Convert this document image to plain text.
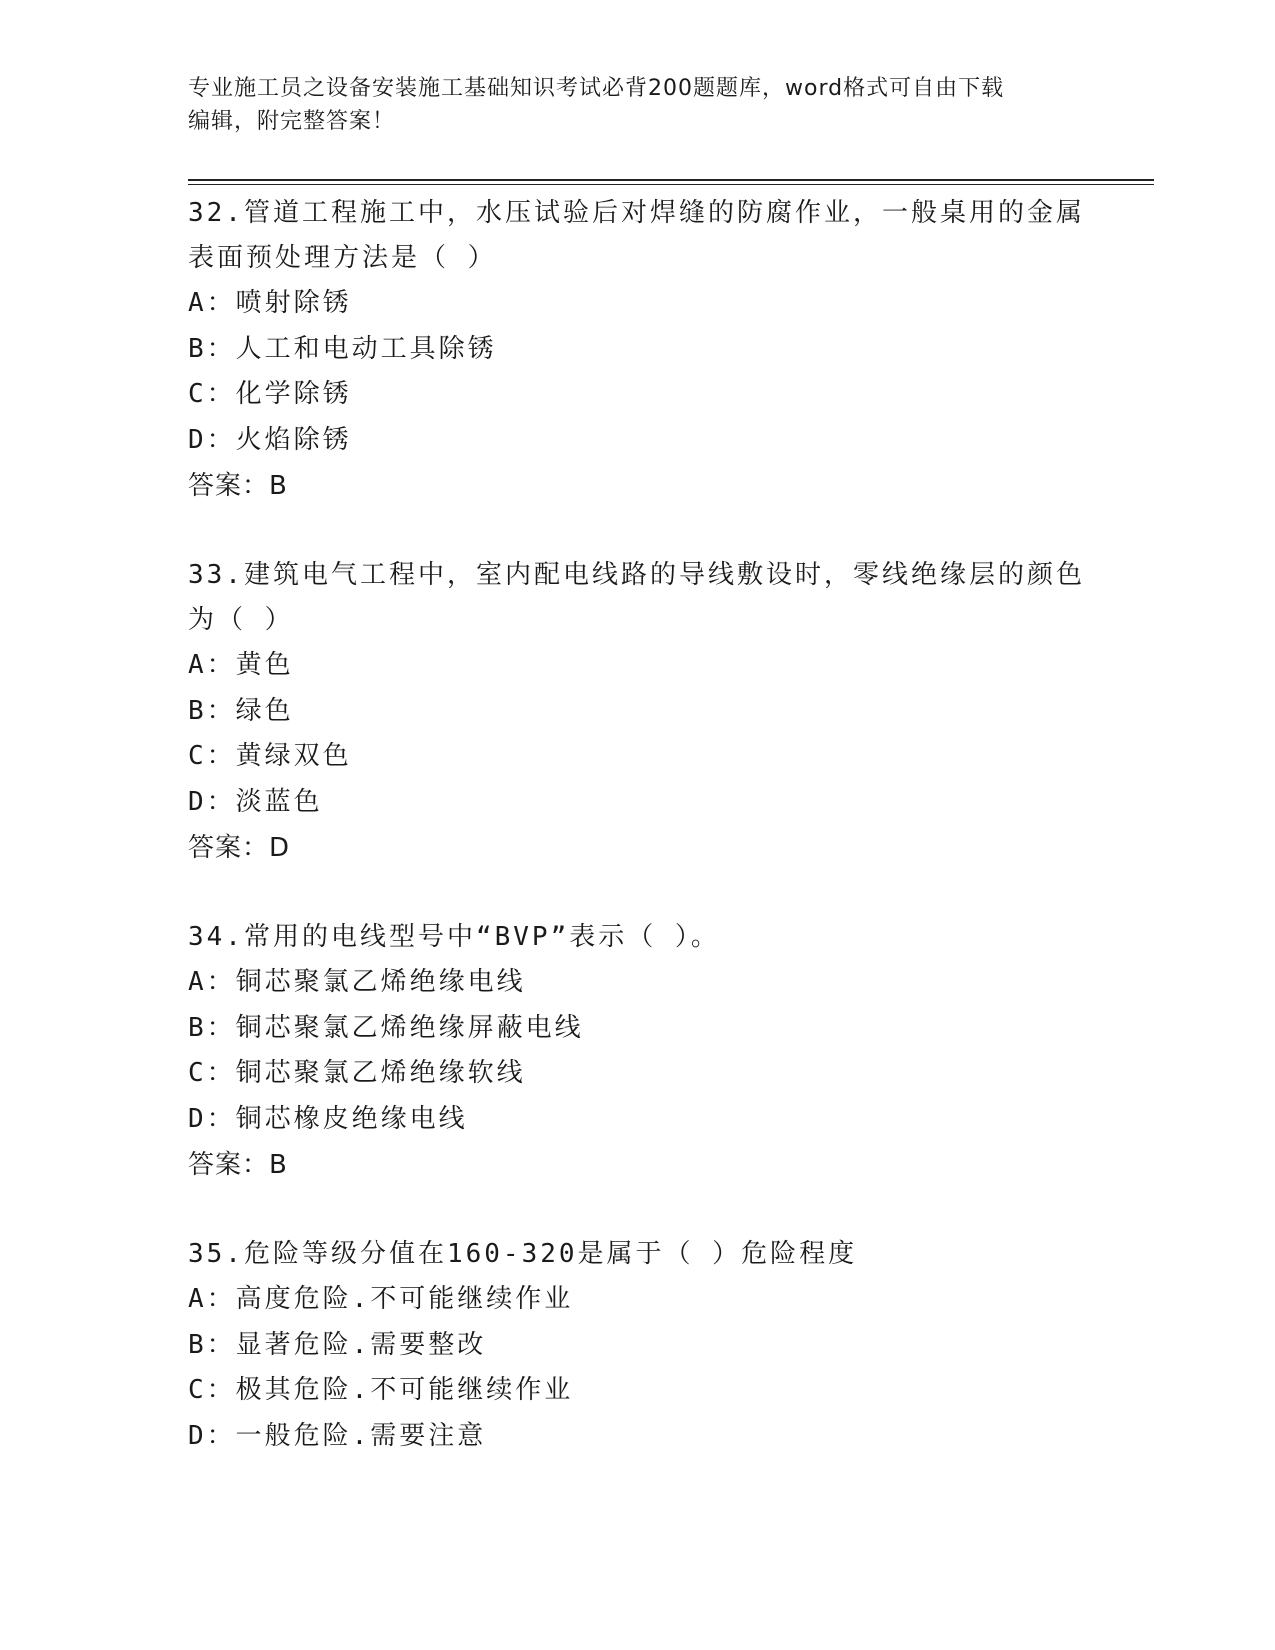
专业施工员之设备安装施工基础知识考试必背200题题库，word格式可自由下载
编辑，附完整答案！
32.管道工程施工中，水压试验后对焊缝的防腐作业，一般桌用的金属
表面预处理方法是（ ）
A：喷射除锈
B：人工和电动工具除锈
C：化学除锈
D：火焰除锈
答案：B
33.建筑电气工程中，室内配电线路的导线敷设时，零线绝缘层的颜色
为（ ）
A：黄色
B：绿色
C：黄绿双色
D：淡蓝色
答案：D
34.常用的电线型号中“BVP”表示（ ）。
A：铜芯聚氯乙烯绝缘电线
B：铜芯聚氯乙烯绝缘屏蔽电线
C：铜芯聚氯乙烯绝缘软线
D：铜芯橡皮绝缘电线
答案：B
35.危险等级分值在160-320是属于（ ）危险程度
A：高度危险.不可能继续作业
B：显著危险.需要整改
C：极其危险.不可能继续作业
D：一般危险.需要注意
